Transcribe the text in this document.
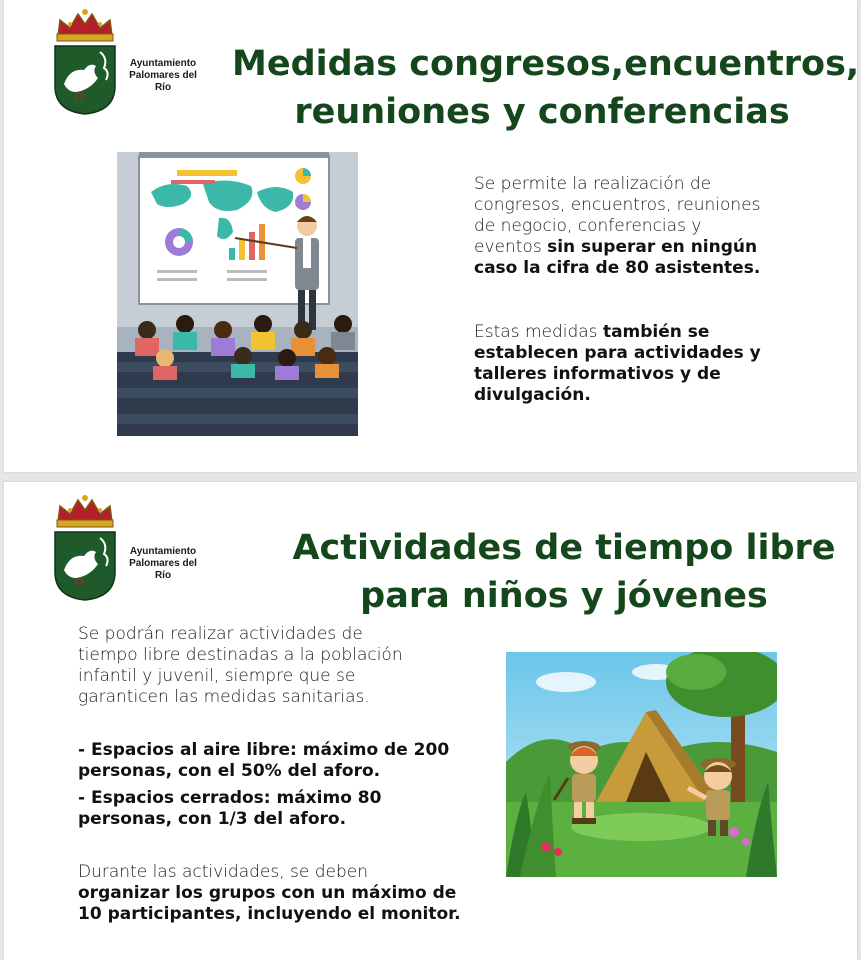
Ayuntamiento
Palomares del Río
Medidas congresos,encuentros,
reuniones y conferencias
Se permite la realización de
congresos, encuentros, reuniones
de negocio, conferencias y
eventos sin superar en ningún
caso la cifra de 80 asistentes.
Estas medidas también se
establecen para actividades y
talleres informativos y de
divulgación.
Ayuntamiento
Palomares del Río
Actividades de tiempo libre
para niños y jóvenes
Se podrán realizar actividades de
tiempo libre destinadas a la población
infantil y juvenil, siempre que se
garanticen las medidas sanitarias.
- Espacios al aire libre: máximo de 200
personas, con el 50% del aforo.
- Espacios cerrados: máximo 80
personas, con 1/3 del aforo.
Durante las actividades, se deben
organizar los grupos con un máximo de
10 participantes, incluyendo el monitor.
